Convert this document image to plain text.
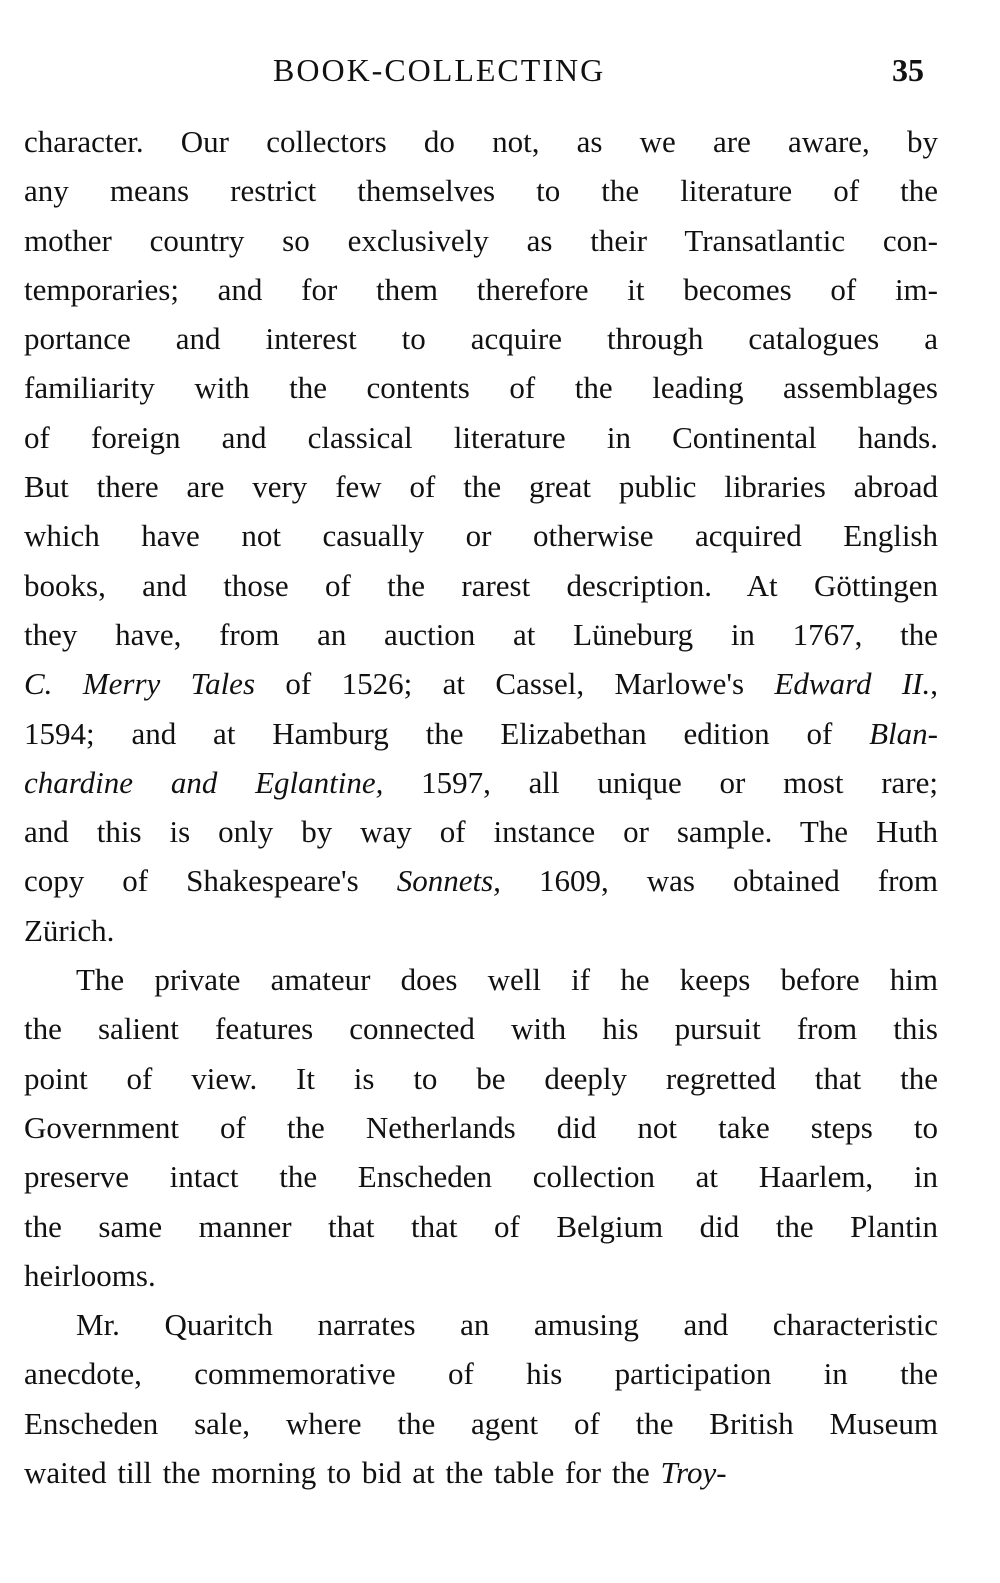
BOOK-COLLECTING	35
character. Our collectors do not, as we are aware, by
any means restrict themselves to the literature of the
mother country so exclusively as their Transatlantic con-
temporaries; and for them therefore it becomes of im-
portance and interest to acquire through catalogues a
familiarity with the contents of the leading assemblages
of foreign and classical literature in Continental hands.
But there are very few of the great public libraries abroad
which have not casually or otherwise acquired English
books, and those of the rarest description. At Göttingen
they have, from an auction at Lüneburg in 1767, the
C. Merry Tales of 1526; at Cassel, Marlowe's Edward II.,
1594; and at Hamburg the Elizabethan edition of Blan-
chardine and Eglantine, 1597, all unique or most rare;
and this is only by way of instance or sample. The Huth
copy of Shakespeare's Sonnets, 1609, was obtained from
Zürich.
The private amateur does well if he keeps before him
the salient features connected with his pursuit from this
point of view. It is to be deeply regretted that the
Government of the Netherlands did not take steps to
preserve intact the Enscheden collection at Haarlem, in
the same manner that that of Belgium did the Plantin
heirlooms.
Mr. Quaritch narrates an amusing and characteristic
anecdote, commemorative of his participation in the
Enscheden sale, where the agent of the British Museum
waited till the morning to bid at the table for the Troy-
